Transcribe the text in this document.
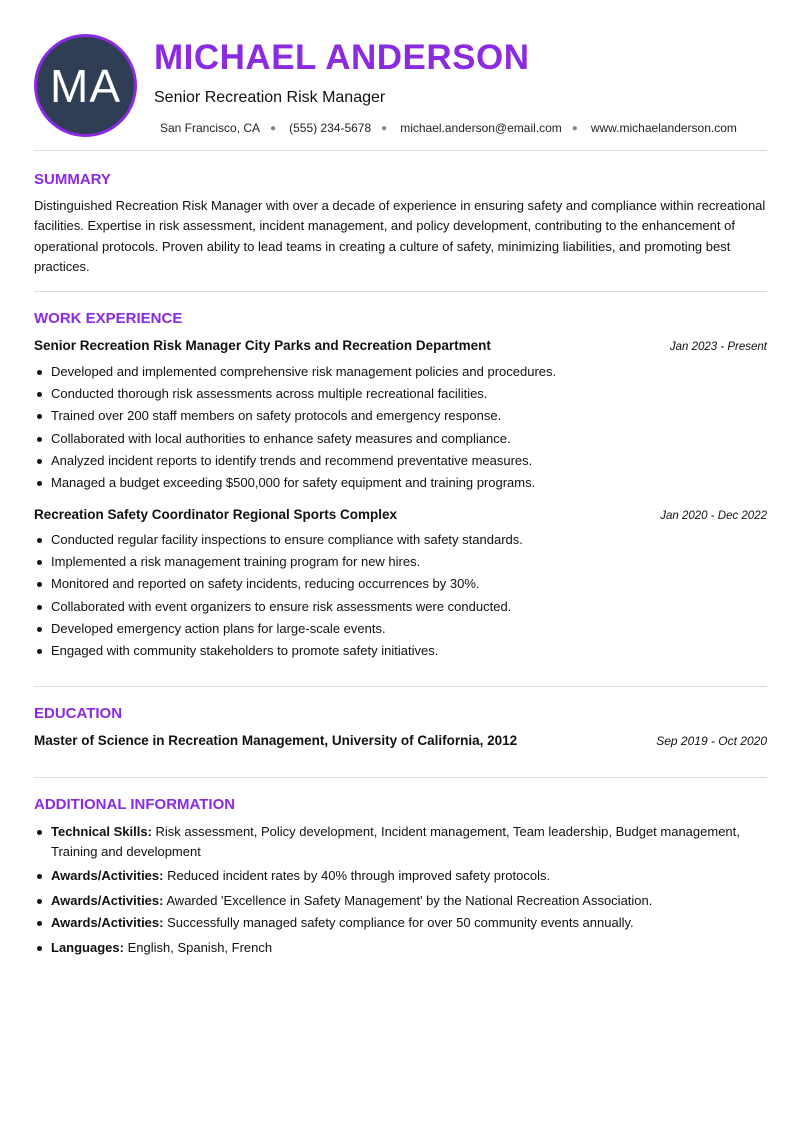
MA
MICHAEL ANDERSON
Senior Recreation Risk Manager
San Francisco, CA ● (555) 234-5678 ● michael.anderson@email.com ● www.michaelanderson.com
SUMMARY
Distinguished Recreation Risk Manager with over a decade of experience in ensuring safety and compliance within recreational facilities. Expertise in risk assessment, incident management, and policy development, contributing to the enhancement of operational protocols. Proven ability to lead teams in creating a culture of safety, minimizing liabilities, and promoting best practices.
WORK EXPERIENCE
Senior Recreation Risk Manager City Parks and Recreation Department	Jan 2023 - Present
Developed and implemented comprehensive risk management policies and procedures.
Conducted thorough risk assessments across multiple recreational facilities.
Trained over 200 staff members on safety protocols and emergency response.
Collaborated with local authorities to enhance safety measures and compliance.
Analyzed incident reports to identify trends and recommend preventative measures.
Managed a budget exceeding $500,000 for safety equipment and training programs.
Recreation Safety Coordinator Regional Sports Complex	Jan 2020 - Dec 2022
Conducted regular facility inspections to ensure compliance with safety standards.
Implemented a risk management training program for new hires.
Monitored and reported on safety incidents, reducing occurrences by 30%.
Collaborated with event organizers to ensure risk assessments were conducted.
Developed emergency action plans for large-scale events.
Engaged with community stakeholders to promote safety initiatives.
EDUCATION
Master of Science in Recreation Management, University of California, 2012	Sep 2019 - Oct 2020
ADDITIONAL INFORMATION
Technical Skills: Risk assessment, Policy development, Incident management, Team leadership, Budget management, Training and development
Awards/Activities: Reduced incident rates by 40% through improved safety protocols.
Awards/Activities: Awarded 'Excellence in Safety Management' by the National Recreation Association.
Awards/Activities: Successfully managed safety compliance for over 50 community events annually.
Languages: English, Spanish, French
